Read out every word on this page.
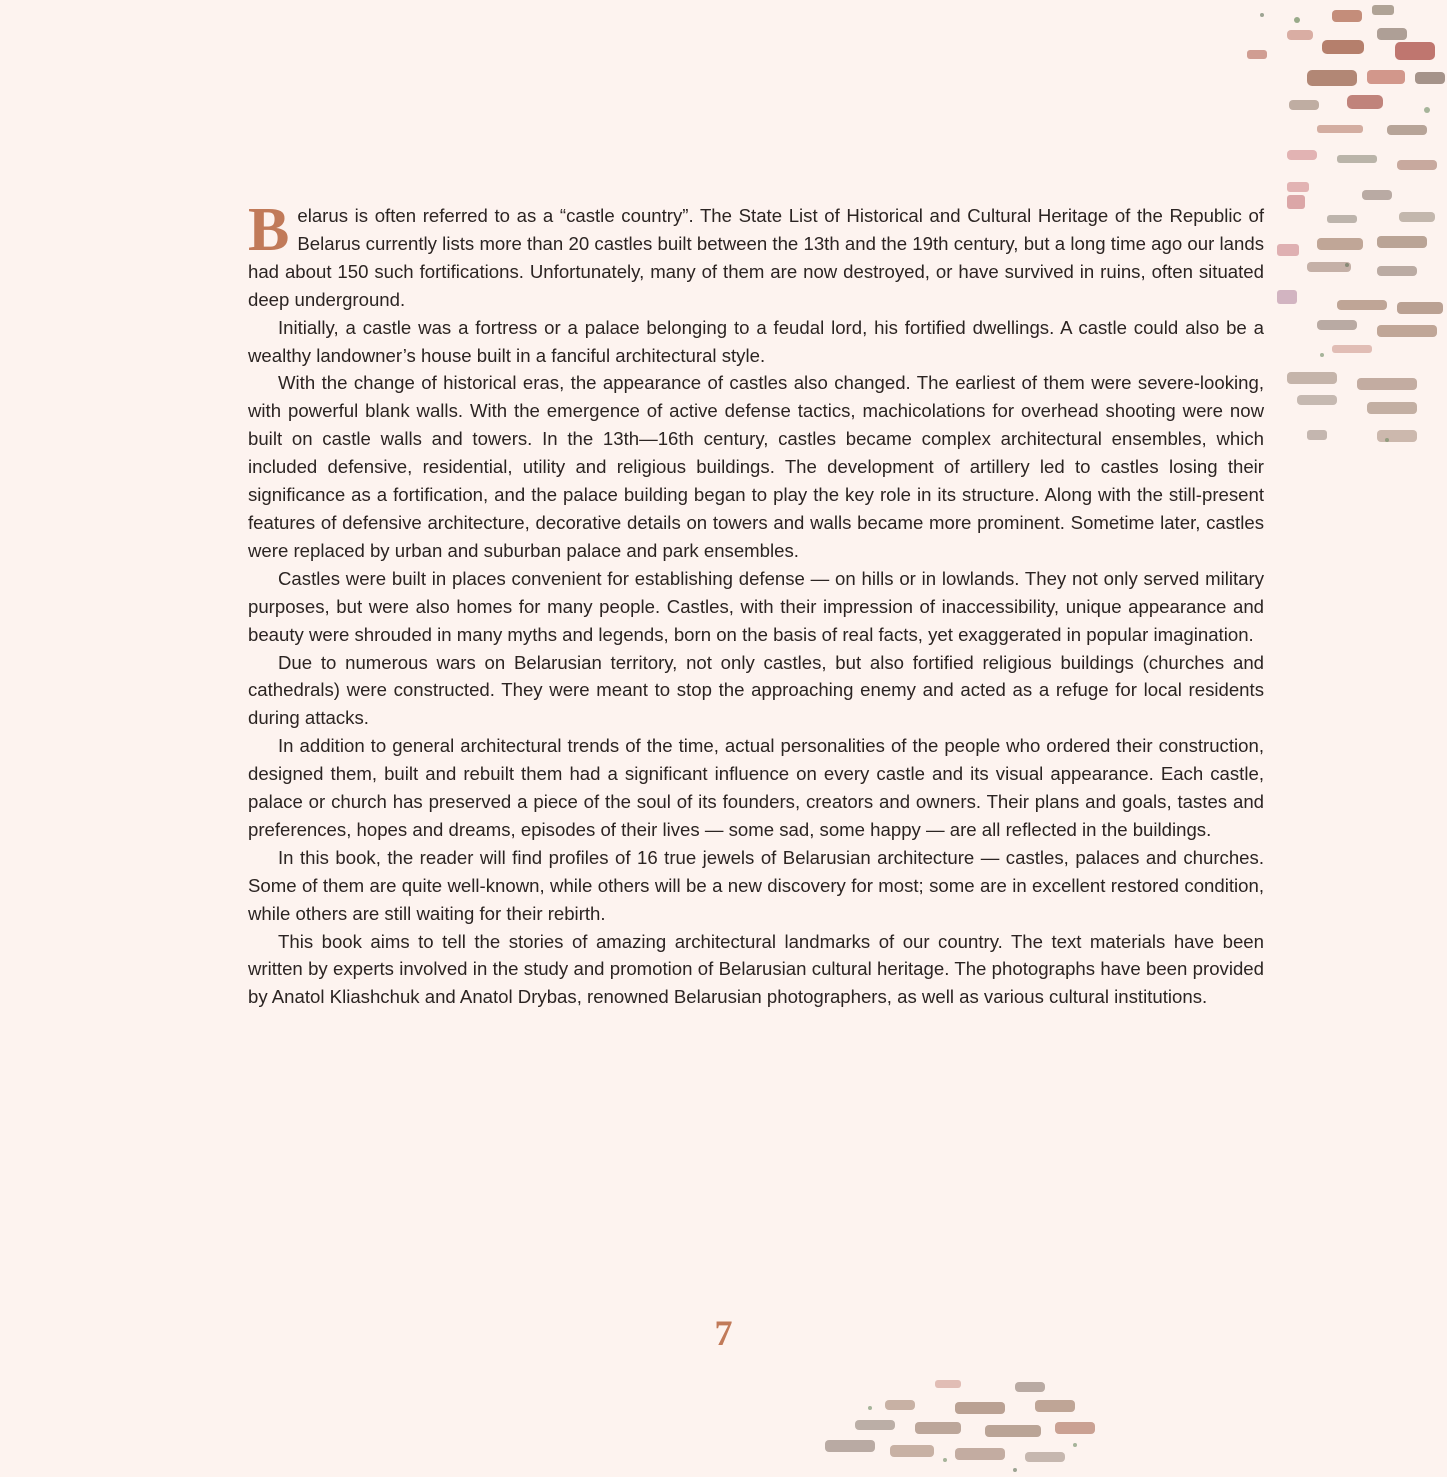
Belarus is often referred to as a “castle country”. The State List of Historical and Cultural Heritage of the Republic of Belarus currently lists more than 20 castles built between the 13th and the 19th century, but a long time ago our lands had about 150 such fortifications. Unfortunately, many of them are now destroyed, or have survived in ruins, often situated deep underground.

Initially, a castle was a fortress or a palace belonging to a feudal lord, his fortified dwellings. A castle could also be a wealthy landowner’s house built in a fanciful architectural style.

With the change of historical eras, the appearance of castles also changed. The earliest of them were severe-looking, with powerful blank walls. With the emergence of active defense tactics, machicolations for overhead shooting were now built on castle walls and towers. In the 13th—16th century, castles became complex architectural ensembles, which included defensive, residential, utility and religious buildings. The development of artillery led to castles losing their significance as a fortification, and the palace building began to play the key role in its structure. Along with the still-present features of defensive architecture, decorative details on towers and walls became more prominent. Sometime later, castles were replaced by urban and suburban palace and park ensembles.

Castles were built in places convenient for establishing defense — on hills or in lowlands. They not only served military purposes, but were also homes for many people. Castles, with their impression of inaccessibility, unique appearance and beauty were shrouded in many myths and legends, born on the basis of real facts, yet exaggerated in popular imagination.

Due to numerous wars on Belarusian territory, not only castles, but also fortified religious buildings (churches and cathedrals) were constructed. They were meant to stop the approaching enemy and acted as a refuge for local residents during attacks.

In addition to general architectural trends of the time, actual personalities of the people who ordered their construction, designed them, built and rebuilt them had a significant influence on every castle and its visual appearance. Each castle, palace or church has preserved a piece of the soul of its founders, creators and owners. Their plans and goals, tastes and preferences, hopes and dreams, episodes of their lives — some sad, some happy — are all reflected in the buildings.

In this book, the reader will find profiles of 16 true jewels of Belarusian architecture — castles, palaces and churches. Some of them are quite well-known, while others will be a new discovery for most; some are in excellent restored condition, while others are still waiting for their rebirth.

This book aims to tell the stories of amazing architectural landmarks of our country. The text materials have been written by experts involved in the study and promotion of Belarusian cultural heritage. The photographs have been provided by Anatol Kliashchuk and Anatol Drybas, renowned Belarusian photographers, as well as various cultural institutions.

7
